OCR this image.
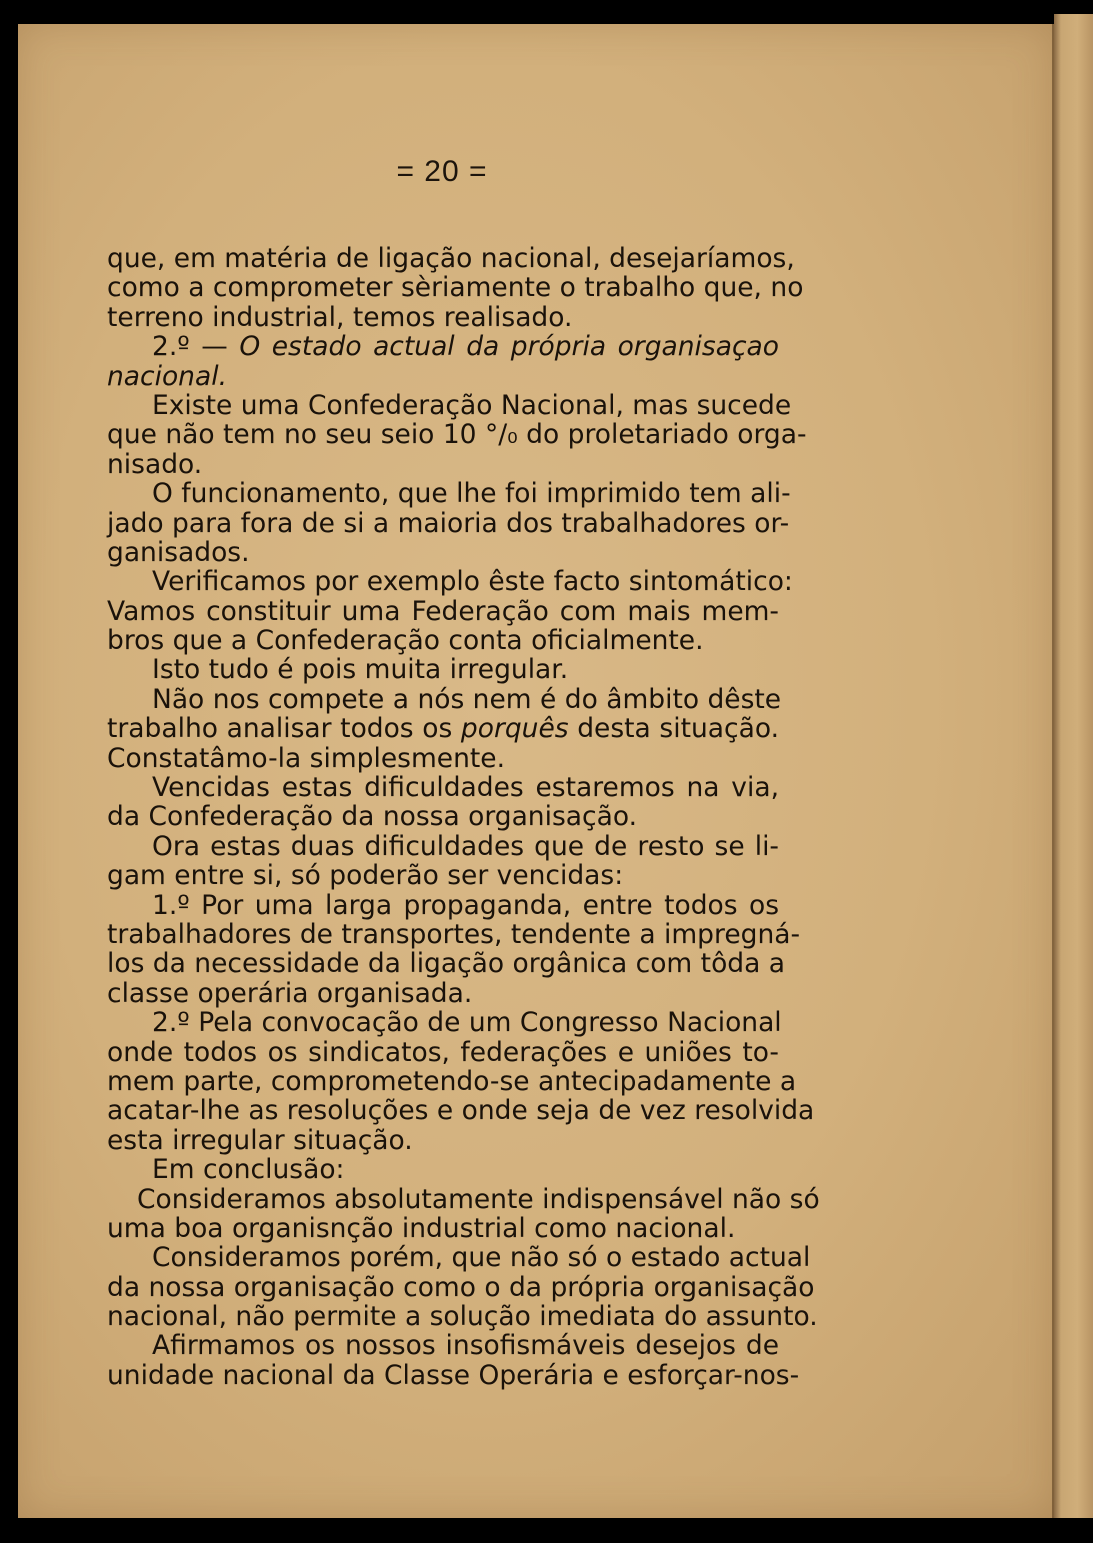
= 20 =
que, em matéria de ligação nacional, desejaríamos,
como a comprometer sèriamente o trabalho que, no
terreno industrial, temos realisado.
2.º — O estado actual da própria organisaçao
nacional.
Existe uma Confederação Nacional, mas sucede
que não tem no seu seio 10 °/₀ do proletariado orga-
nisado.
O funcionamento, que lhe foi imprimido tem ali-
jado para fora de si a maioria dos trabalhadores or-
ganisados.
Verificamos por exemplo êste facto sintomático:
Vamos constituir uma Federação com mais mem-
bros que a Confederação conta oficialmente.
Isto tudo é pois muita irregular.
Não nos compete a nós nem é do âmbito dêste
trabalho analisar todos os porquês desta situação.
Constatâmo-la simplesmente.
Vencidas estas dificuldades estaremos na via,
da Confederação da nossa organisação.
Ora estas duas dificuldades que de resto se li-
gam entre si, só poderão ser vencidas:
1.º Por uma larga propaganda, entre todos os
trabalhadores de transportes, tendente a impregná-
los da necessidade da ligação orgânica com tôda a
classe operária organisada.
2.º Pela convocação de um Congresso Nacional
onde todos os sindicatos, federações e uniões to-
mem parte, comprometendo-se antecipadamente a
acatar-lhe as resoluções e onde seja de vez resolvida
esta irregular situação.
Em conclusão:
Consideramos absolutamente indispensável não só
uma boa organisnção industrial como nacional.
Consideramos porém, que não só o estado actual
da nossa organisação como o da própria organisação
nacional, não permite a solução imediata do assunto.
Afirmamos os nossos insofismáveis desejos de
unidade nacional da Classe Operária e esforçar-nos-
